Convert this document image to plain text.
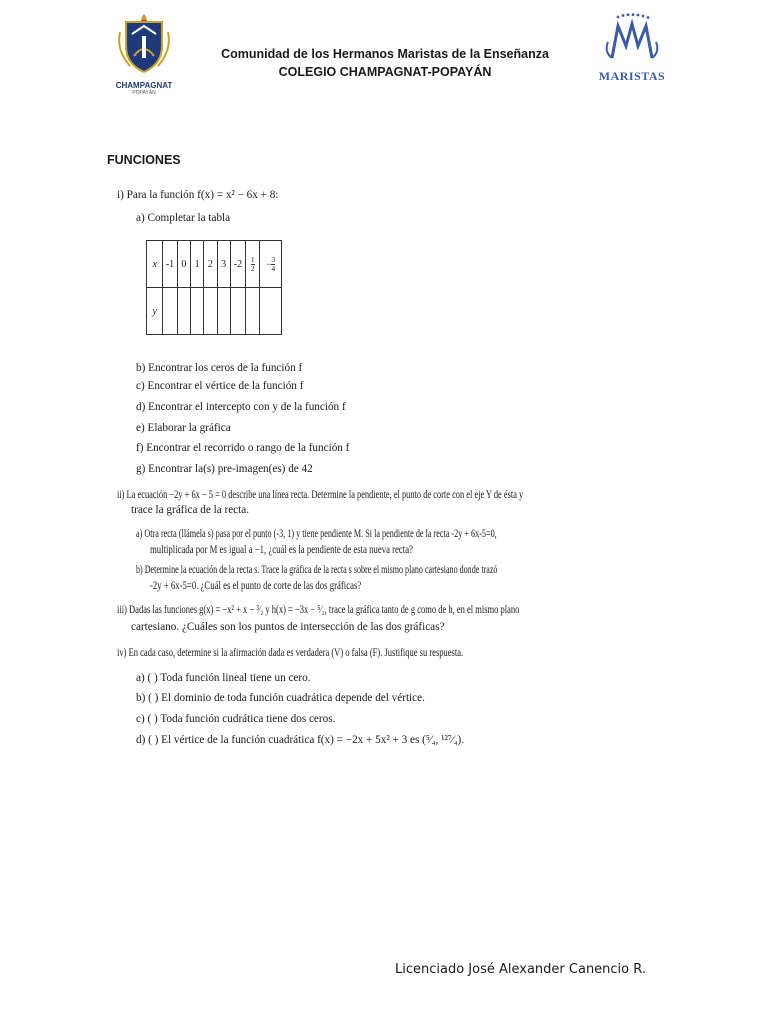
CHAMPAGNAT
POPAYÁN
Comunidad de los Hermanos Maristas de la Enseñanza
COLEGIO CHAMPAGNAT-POPAYÁN	MARISTAS
FUNCIONES
i) Para la función f(x) = x² − 6x + 8:
a) Completar la tabla
x	-1	0	1	2	3	-2	$\frac{1}{2}$	− $\frac{3}{4}$

y								
b) Encontrar los ceros de la función f
c) Encontrar el vértice de la función f
d) Encontrar el intercepto con y de la función f
e) Elaborar la gráfica
f) Encontrar el recorrido o rango de la función f
g) Encontrar la(s) pre-imagen(es) de 42
ii) La ecuación −2y + 6x − 5 = 0 describe una línea recta. Determine la pendiente, el punto de corte con el eje Y de ésta y
trace la gráfica de la recta.
a) Otra recta (llámela s) pasa por el punto (-3, 1) y tiene pendiente M. Si la pendiente de la recta -2y + 6x-5=0,
multiplicada por M es igual a −1, ¿cuál es la pendiente de esta nueva recta?
b) Determine la ecuación de la recta s. Trace la gráfica de la recta s sobre el mismo plano cartesiano donde trazó
-2y + 6x-5=0. ¿Cuál es el punto de corte de las dos gráficas?
iii) Dadas las funciones g(x) = −x² + x − ³⁄₂ y h(x) = −3x − ⁵⁄₂, trace la gráfica tanto de g como de h, en el mismo plano
cartesiano. ¿Cuáles son los puntos de intersección de las dos gráficas?
iv) En cada caso, determine si la afirmación dada es verdadera (V) o falsa (F). Justifique su respuesta.
a) ( ) Toda función lineal tiene un cero.
b) ( ) El dominio de toda función cuadrática depende del vértice.
c) ( ) Toda función cudrática tiene dos ceros.
d) ( ) El vértice de la función cuadrática f(x) = −2x + 5x² + 3 es (⁵⁄₄, ¹²⁷⁄₄).
Licenciado José Alexander Canencio R.
